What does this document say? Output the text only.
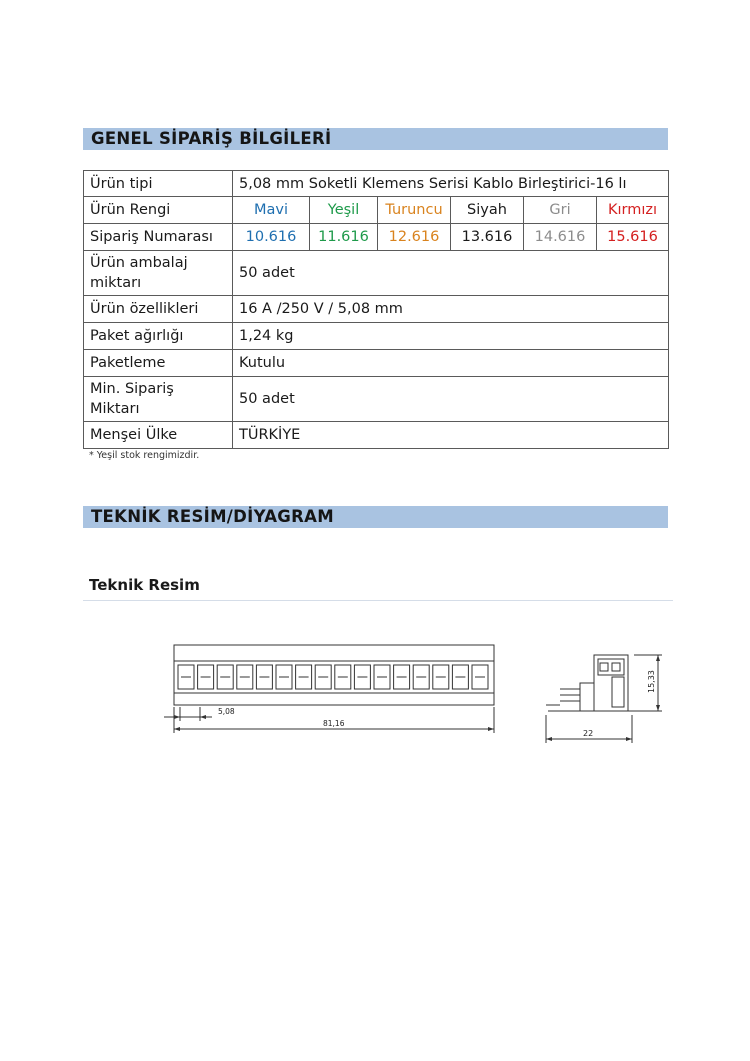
GENEL SİPARİŞ BİLGİLERİ
Ürün tipi	5,08 mm Soketli Klemens Serisi Kablo Birleştirici-16 lı					
Ürün Rengi	Mavi	Yeşil	Turuncu	Siyah	Gri	Kırmızı
Sipariş Numarası	10.616	11.616	12.616	13.616	14.616	15.616
Ürün ambalaj miktarı	50 adet					
Ürün özellikleri	16 A /250 V / 5,08 mm					
Paket ağırlığı	1,24 kg					
Paketleme	Kutulu					
Min. Sipariş Miktarı	50 adet					
Menşei Ülke	TÜRKİYE					
* Yeşil stok rengimizdir.
TEKNİK RESİM/DİYAGRAM
Teknik Resim
5,08
81,16
15,33
22
